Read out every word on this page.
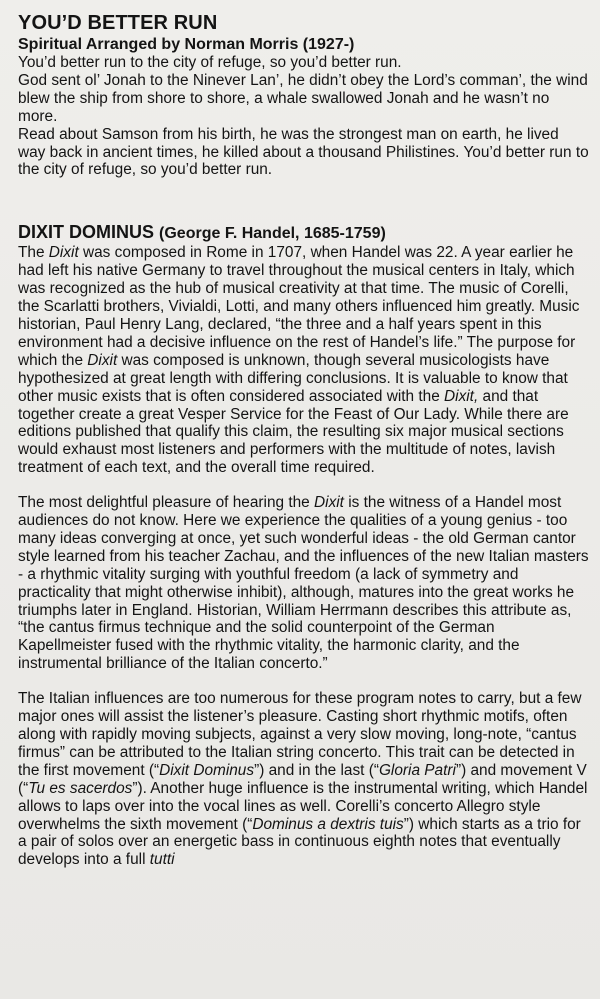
YOU’D BETTER RUN
Spiritual Arranged by Norman Morris (1927-)

You’d better run to the city of refuge, so you’d better run.

God sent ol’ Jonah to the Ninever Lan’, he didn’t obey the Lord’s comman’, the wind blew the ship from shore to shore, a whale swallowed Jonah and he wasn’t no more.

Read about Samson from his birth, he was the strongest man on earth, he lived way back in ancient times, he killed about a thousand Philistines. You’d better run to the city of refuge, so you’d better run.

DIXIT DOMINUS (George F. Handel, 1685-1759)

The Dixit was composed in Rome in 1707, when Handel was 22. A year earlier he had left his native Germany to travel throughout the musical centers in Italy, which was recognized as the hub of musical creativity at that time. The music of Corelli, the Scarlatti brothers, Vivialdi, Lotti, and many others influenced him greatly. Music historian, Paul Henry Lang, declared, “the three and a half years spent in this environment had a decisive influence on the rest of Handel’s life.” The purpose for which the Dixit was composed is unknown, though several musicologists have hypothesized at great length with differing conclusions. It is valuable to know that other music exists that is often considered associated with the Dixit, and that together create a great Vesper Service for the Feast of Our Lady. While there are editions published that qualify this claim, the resulting six major musical sections would exhaust most listeners and performers with the multitude of notes, lavish treatment of each text, and the overall time required.

The most delightful pleasure of hearing the Dixit is the witness of a Handel most audiences do not know. Here we experience the qualities of a young genius - too many ideas converging at once, yet such wonderful ideas - the old German cantor style learned from his teacher Zachau, and the influences of the new Italian masters - a rhythmic vitality surging with youthful freedom (a lack of symmetry and practicality that might otherwise inhibit), although, matures into the great works he triumphs later in England. Historian, William Herrmann describes this attribute as, “the cantus firmus technique and the solid counterpoint of the German Kapellmeister fused with the rhythmic vitality, the harmonic clarity, and the instrumental brilliance of the Italian concerto.”

The Italian influences are too numerous for these program notes to carry, but a few major ones will assist the listener’s pleasure. Casting short rhythmic motifs, often along with rapidly moving subjects, against a very slow moving, long-note, “cantus firmus” can be attributed to the Italian string concerto. This trait can be detected in the first movement (“Dixit Dominus”) and in the last (“Gloria Patri”) and movement V (“Tu es sacerdos”). Another huge influence is the instrumental writing, which Handel allows to laps over into the vocal lines as well. Corelli’s concerto Allegro style overwhelms the sixth movement (“Dominus a dextris tuis”) which starts as a trio for a pair of solos over an energetic bass in continuous eighth notes that eventually develops into a full tutti
